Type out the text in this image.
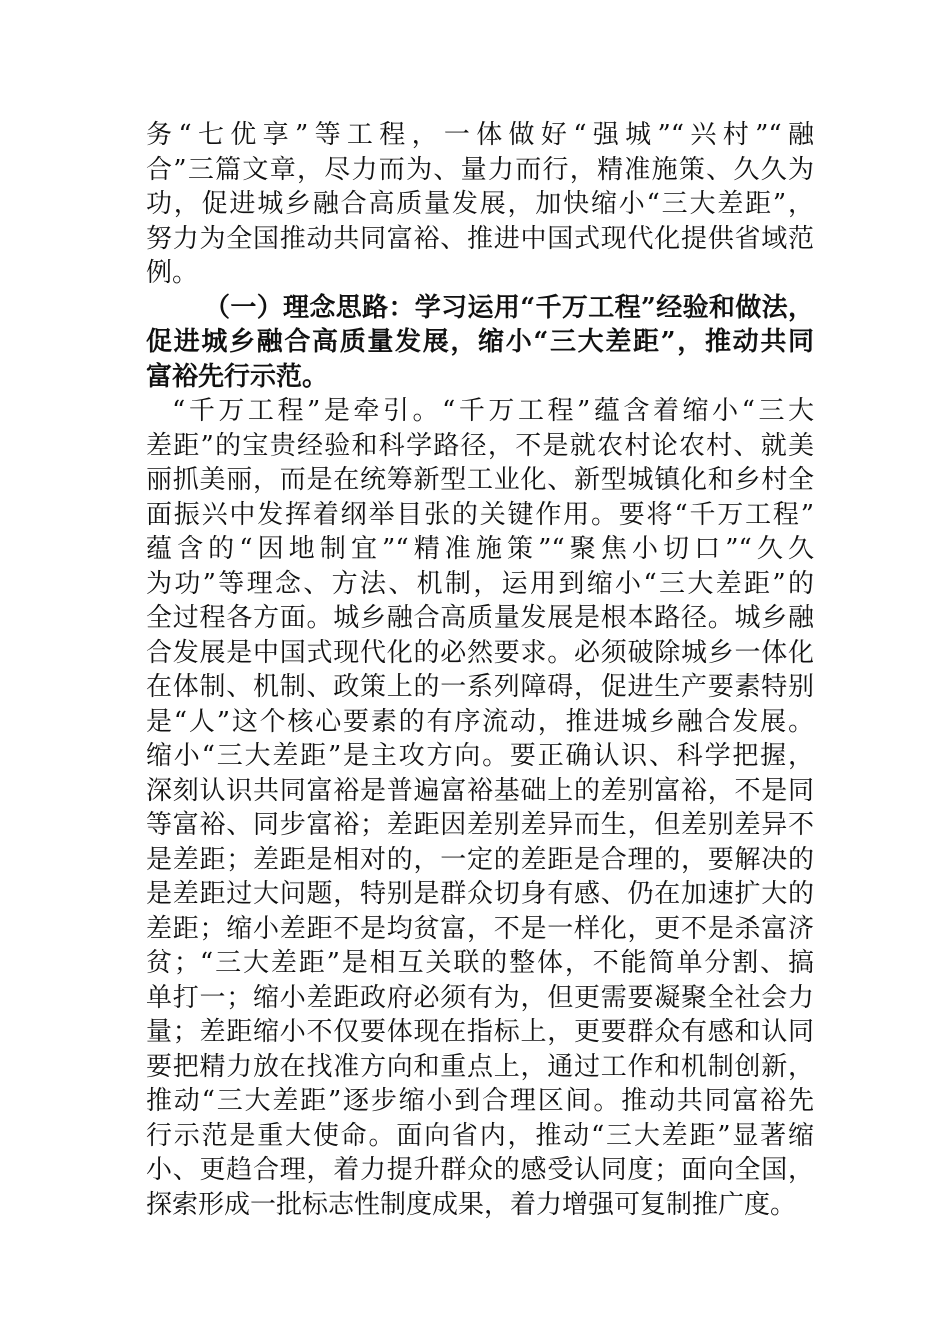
务“七优享”等工程，一体做好“强城”“兴村”“融
合”三篇文章，尽力而为、量力而行，精准施策、久久为
功，促进城乡融合高质量发展，加快缩小“三大差距”，
努力为全国推动共同富裕、推进中国式现代化提供省域范
例。
（一）理念思路：学习运用“千万工程”经验和做法，
促进城乡融合高质量发展，缩小“三大差距”，推动共同
富裕先行示范。
“千万工程”是牵引。“千万工程”蕴含着缩小“三大
差距”的宝贵经验和科学路径，不是就农村论农村、就美
丽抓美丽，而是在统筹新型工业化、新型城镇化和乡村全
面振兴中发挥着纲举目张的关键作用。要将“千万工程”
蕴含的“因地制宜”“精准施策”“聚焦小切口”“久久
为功”等理念、方法、机制，运用到缩小“三大差距”的
全过程各方面。城乡融合高质量发展是根本路径。城乡融
合发展是中国式现代化的必然要求。必须破除城乡一体化
在体制、机制、政策上的一系列障碍，促进生产要素特别
是“人”这个核心要素的有序流动，推进城乡融合发展。
缩小“三大差距”是主攻方向。要正确认识、科学把握，
深刻认识共同富裕是普遍富裕基础上的差别富裕，不是同
等富裕、同步富裕；差距因差别差异而生，但差别差异不
是差距；差距是相对的，一定的差距是合理的，要解决的
是差距过大问题，特别是群众切身有感、仍在加速扩大的
差距；缩小差距不是均贫富，不是一样化，更不是杀富济
贫；“三大差距”是相互关联的整体，不能简单分割、搞
单打一；缩小差距政府必须有为，但更需要凝聚全社会力
量；差距缩小不仅要体现在指标上，更要群众有感和认同
要把精力放在找准方向和重点上，通过工作和机制创新，
推动“三大差距”逐步缩小到合理区间。推动共同富裕先
行示范是重大使命。面向省内，推动“三大差距”显著缩
小、更趋合理，着力提升群众的感受认同度；面向全国，
探索形成一批标志性制度成果，着力增强可复制推广度。
